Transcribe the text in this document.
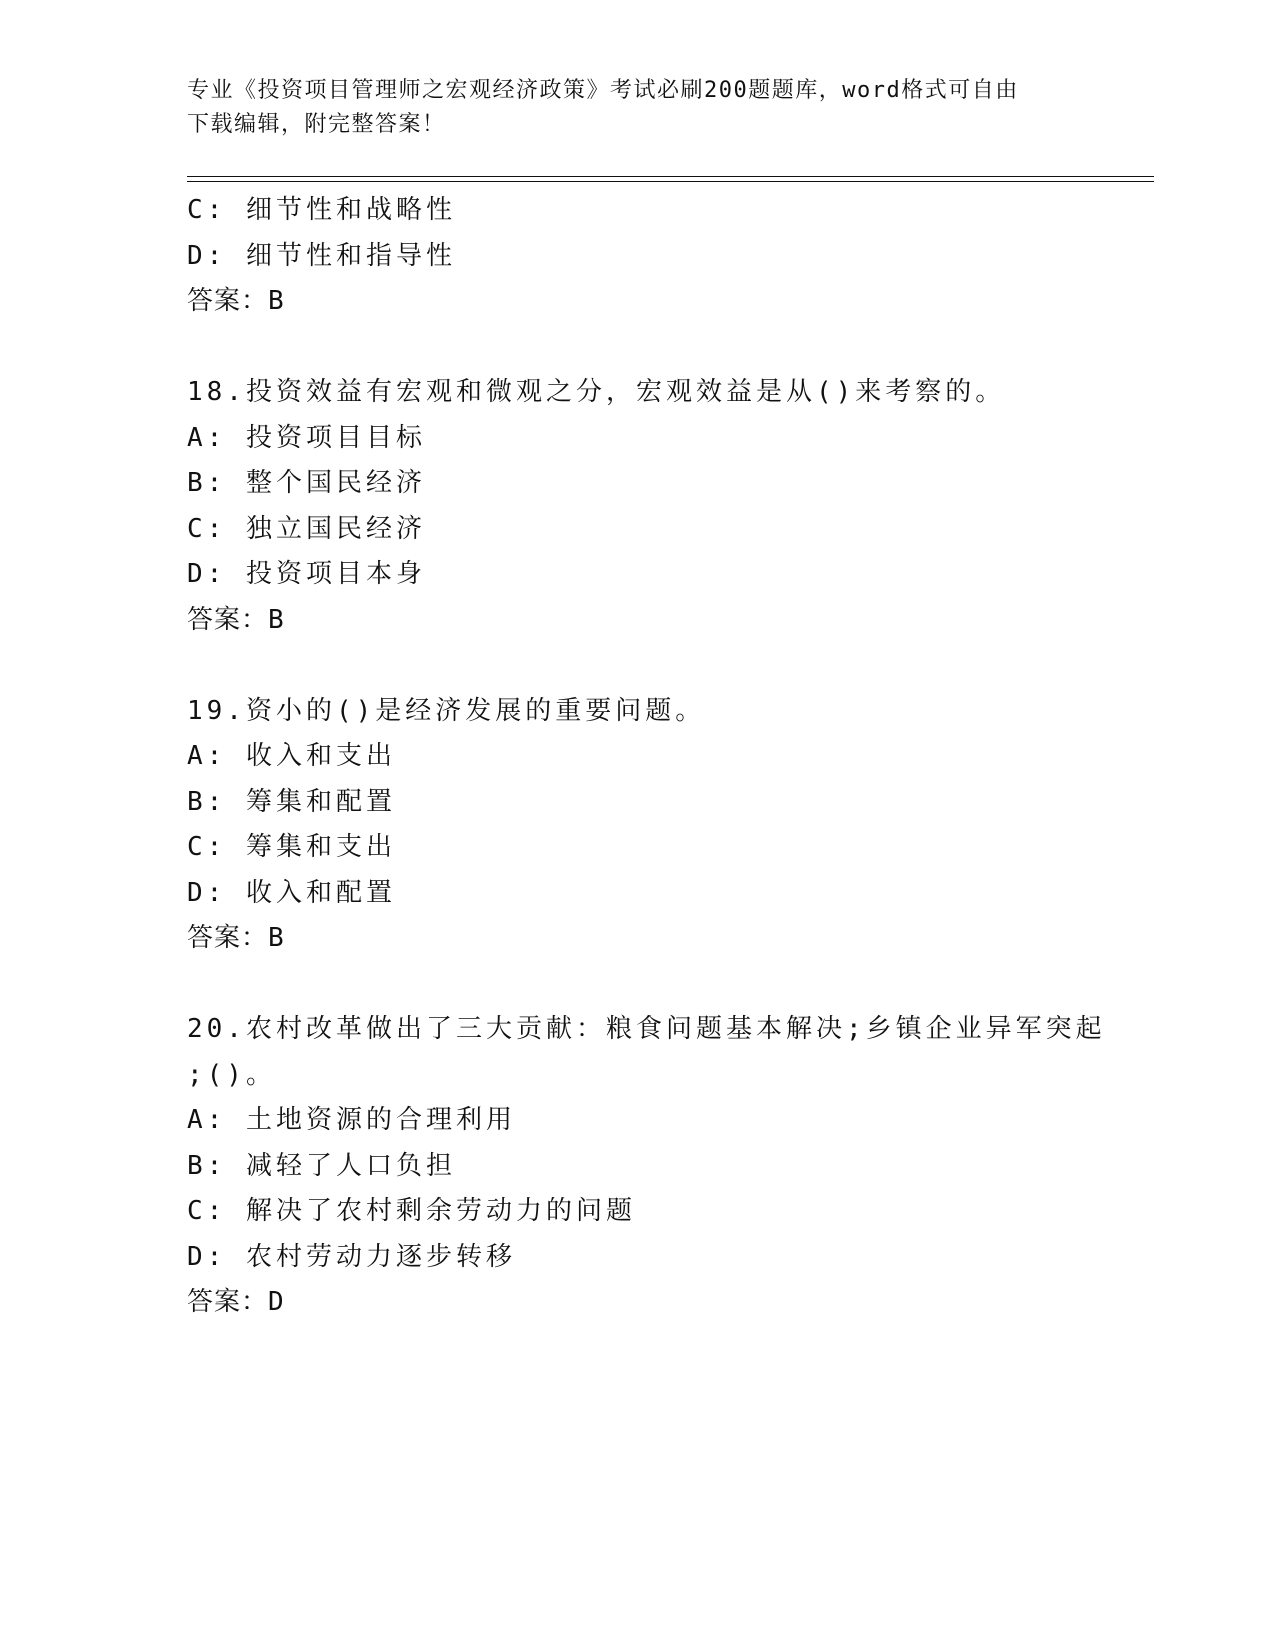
专业《投资项目管理师之宏观经济政策》考试必刷200题题库，word格式可自由
下载编辑，附完整答案！
C: 细节性和战略性
D: 细节性和指导性
答案：B
18.投资效益有宏观和微观之分，宏观效益是从()来考察的。
A: 投资项目目标
B: 整个国民经济
C: 独立国民经济
D: 投资项目本身
答案：B
19.资小的()是经济发展的重要问题。
A: 收入和支出
B: 筹集和配置
C: 筹集和支出
D: 收入和配置
答案：B
20.农村改革做出了三大贡献：粮食问题基本解决;乡镇企业异军突起
;()。
A: 土地资源的合理利用
B: 减轻了人口负担
C: 解决了农村剩余劳动力的问题
D: 农村劳动力逐步转移
答案：D
